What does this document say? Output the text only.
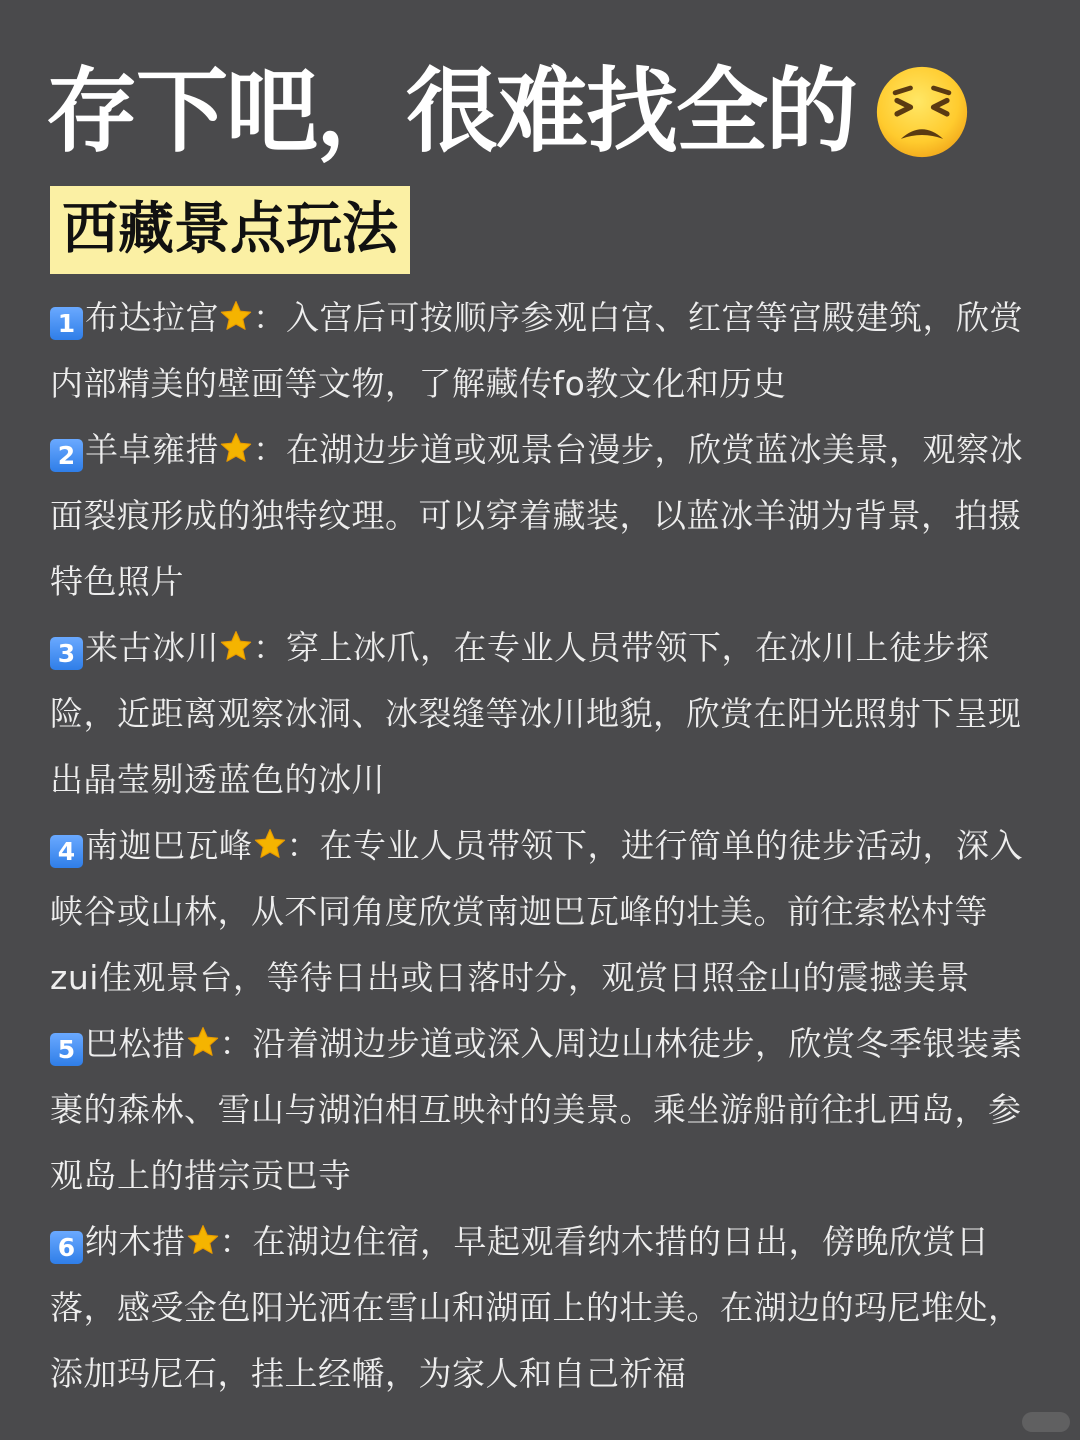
存下吧，很难找全的
西藏景点玩法
1 布达拉宫 ：入宫后可按顺序参观白宫、红宫等宫殿建筑，欣赏内部精美的壁画等文物，了解藏传fo教文化和历史
2 羊卓雍措 ：在湖边步道或观景台漫步，欣赏蓝冰美景，观察冰面裂痕形成的独特纹理。可以穿着藏装，以蓝冰羊湖为背景，拍摄特色照片
3 来古冰川 ：穿上冰爪，在专业人员带领下，在冰川上徒步探险，近距离观察冰洞、冰裂缝等冰川地貌，欣赏在阳光照射下呈现出晶莹剔透蓝色的冰川
4 南迦巴瓦峰 ：在专业人员带领下，进行简单的徒步活动，深入峡谷或山林，从不同角度欣赏南迦巴瓦峰的壮美。前往索松村等zui佳观景台，等待日出或日落时分，观赏日照金山的震撼美景
5 巴松措 ：沿着湖边步道或深入周边山林徒步，欣赏冬季银装素裹的森林、雪山与湖泊相互映衬的美景。乘坐游船前往扎西岛，参观岛上的措宗贡巴寺
6 纳木措 ：在湖边住宿，早起观看纳木措的日出，傍晚欣赏日落，感受金色阳光洒在雪山和湖面上的壮美。在湖边的玛尼堆处，添加玛尼石，挂上经幡，为家人和自己祈福
